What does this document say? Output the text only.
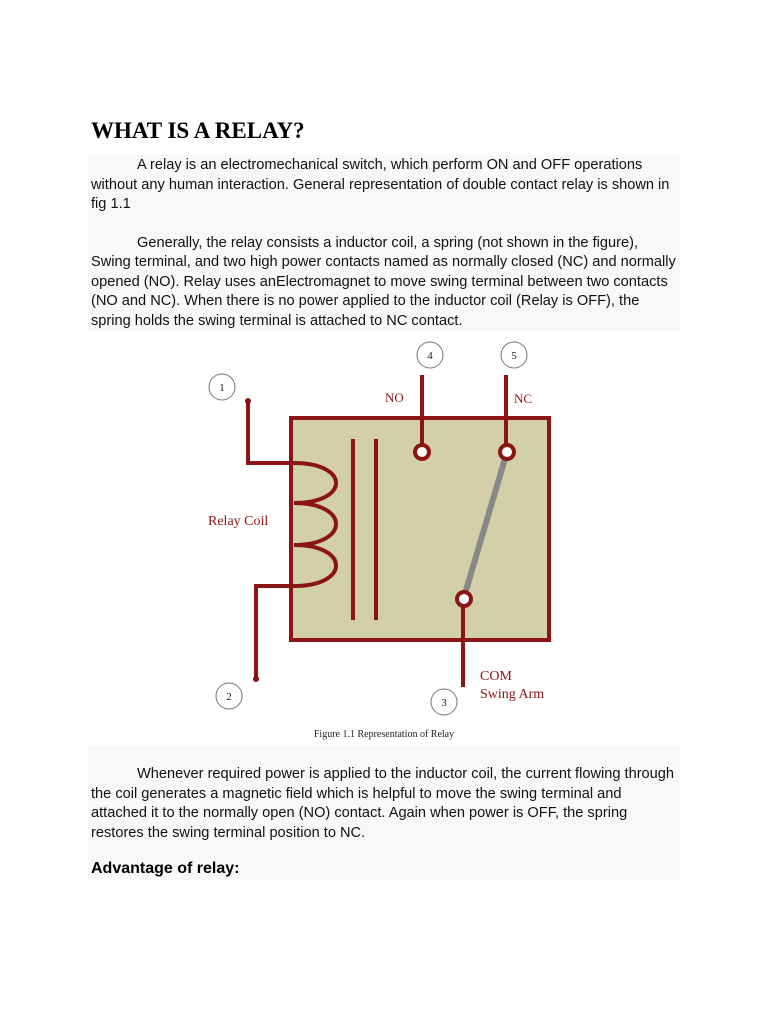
WHAT IS A RELAY?

A relay is an electromechanical switch, which perform ON and OFF operations without any human interaction. General representation of double contact relay is shown in fig 1.1

Generally, the relay consists a inductor coil, a spring (not shown in the figure), Swing terminal, and two high power contacts named as normally closed (NC) and normally opened (NO). Relay uses anElectromagnet to move swing terminal between two contacts (NO and NC). When there is no power applied to the inductor coil (Relay is OFF), the spring holds the swing terminal is attached to NC contact.

1
2	3
4	5
NO	NC
Relay Coil
COM
Swing Arm
Figure 1.1 Representation of Relay

Whenever required power is applied to the inductor coil, the current flowing through the coil generates a magnetic field which is helpful to move the swing terminal and attached it to the normally open (NO) contact. Again when power is OFF, the spring restores the swing terminal position to NC.

Advantage of relay:
